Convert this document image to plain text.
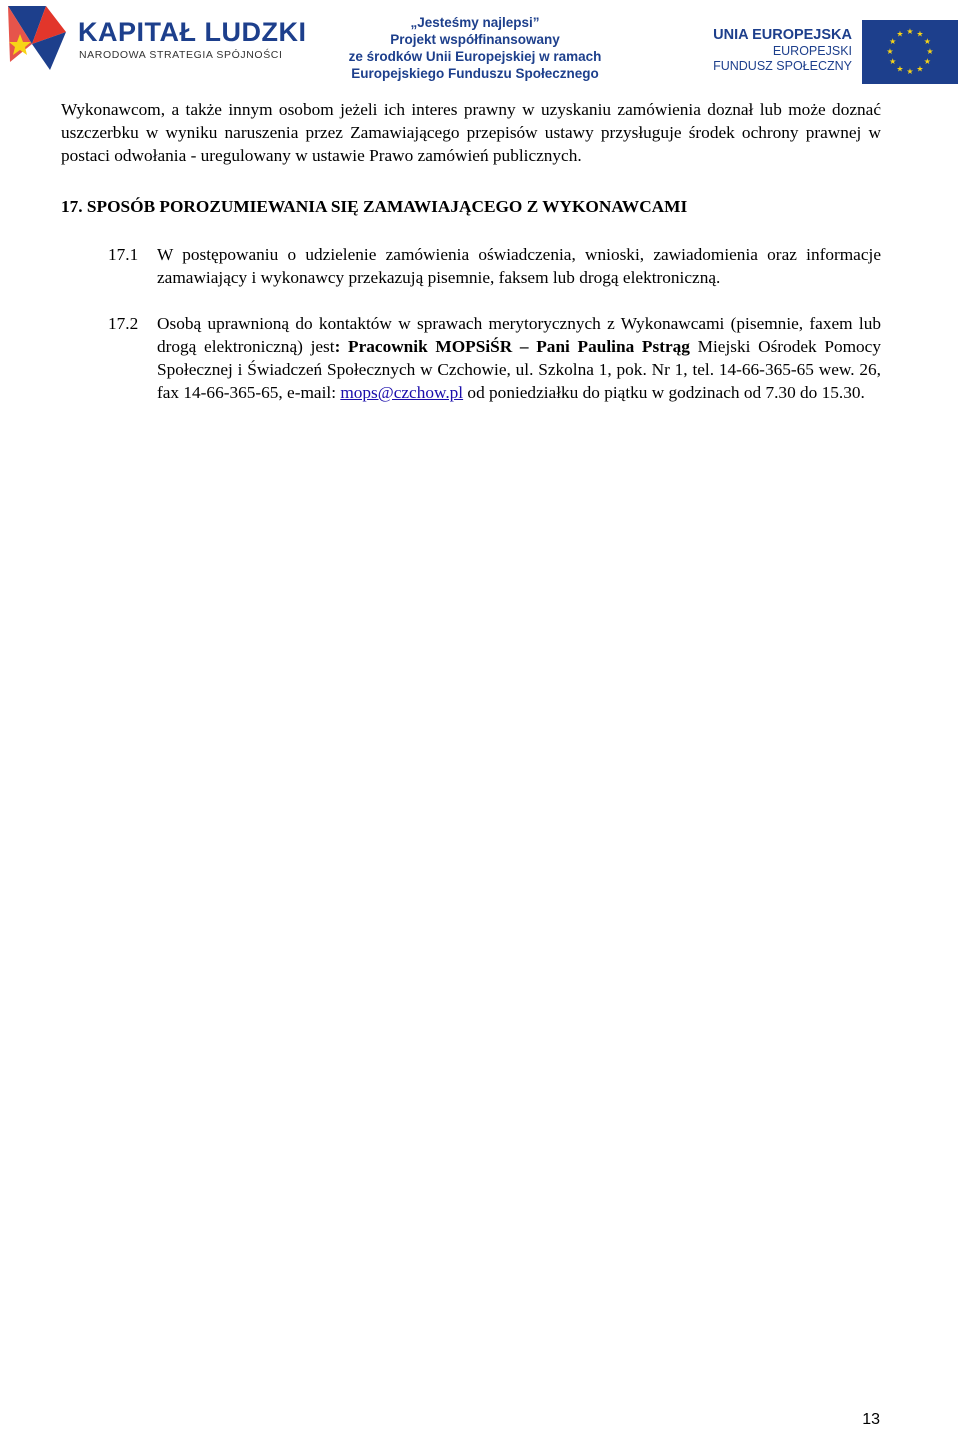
KAPITAŁ LUDZKI
NARODOWA STRATEGIA SPÓJNOŚCI
„Jesteśmy najlepsi”
Projekt współfinansowany
ze środków Unii Europejskiej w ramach
Europejskiego Funduszu Społecznego
UNIA EUROPEJSKA
EUROPEJSKI
FUNDUSZ SPOŁECZNY
★ ★
★
★
★
★
★
★
★
★
★
★
Wykonawcom, a także innym osobom jeżeli ich interes prawny w uzyskaniu zamówienia doznał lub może doznać uszczerbku w wyniku naruszenia przez Zamawiającego przepisów ustawy przysługuje środek ochrony prawnej w postaci odwołania - uregulowany w ustawie Prawo zamówień publicznych.
17. SPOSÓB POROZUMIEWANIA SIĘ ZAMAWIAJĄCEGO Z WYKONAWCAMI
17.1 W postępowaniu o udzielenie zamówienia oświadczenia, wnioski, zawiadomienia oraz informacje zamawiający i wykonawcy przekazują pisemnie, faksem lub drogą elektroniczną.
17.2 Osobą uprawnioną do kontaktów w sprawach merytorycznych z Wykonawcami (pisemnie, faxem lub drogą elektroniczną) jest: Pracownik MOPSiŚR – Pani Paulina Pstrąg Miejski Ośrodek Pomocy Społecznej i Świadczeń Społecznych w Czchowie, ul. Szkolna 1, pok. Nr 1, tel. 14-66-365-65 wew. 26, fax 14-66-365-65, e-mail: mops@czchow.pl od poniedziałku do piątku w godzinach od 7.30 do 15.30.
13
